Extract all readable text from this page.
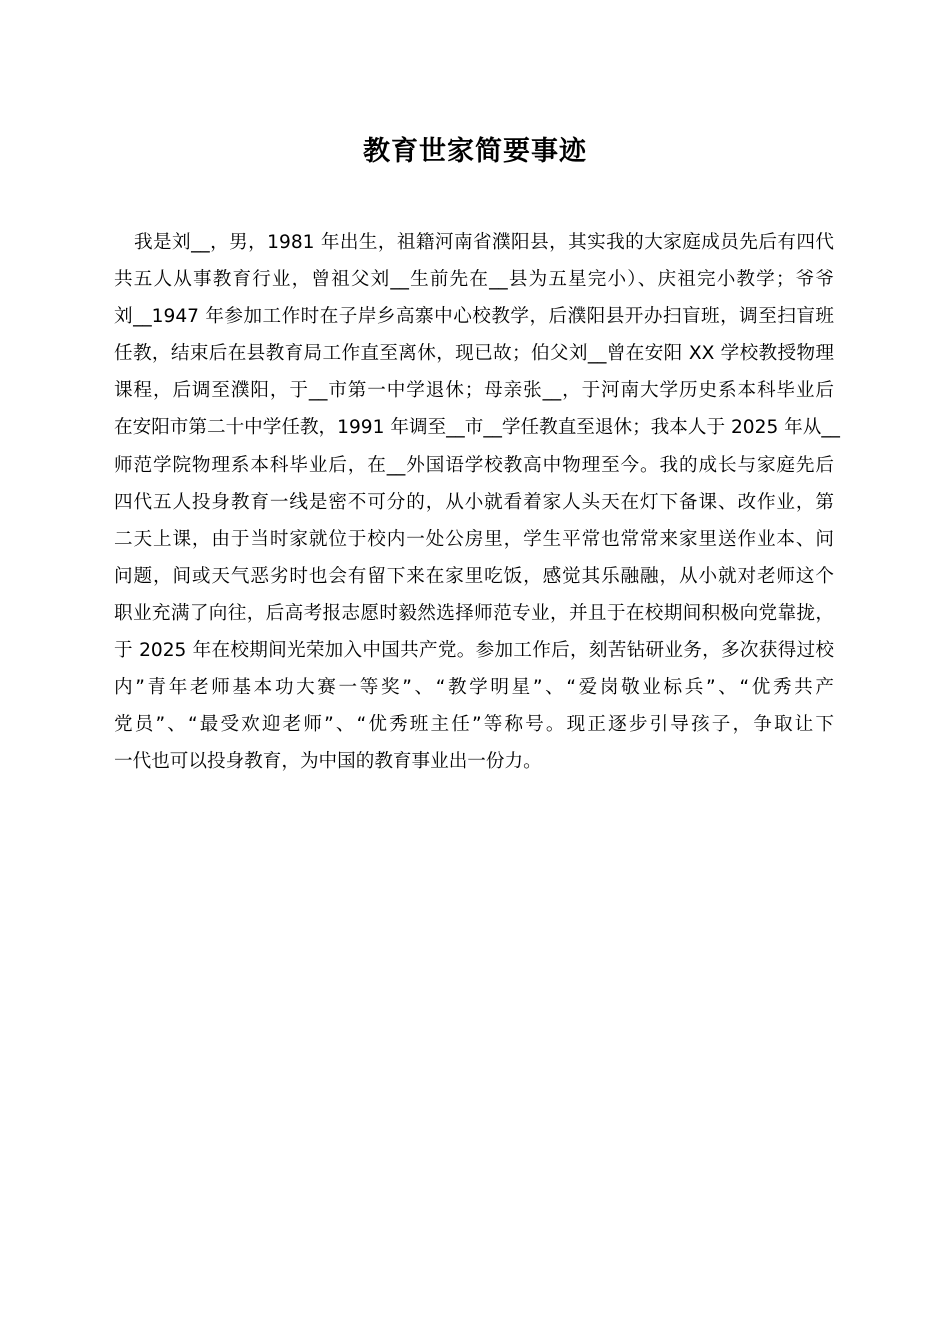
教育世家简要事迹
我是刘__，男，1981 年出生，祖籍河南省濮阳县，其实我的大家庭成员先后有四代
共五人从事教育行业，曾祖父刘__生前先在__县为五星完小）、庆祖完小教学；爷爷
刘__1947 年参加工作时在子岸乡高寨中心校教学，后濮阳县开办扫盲班，调至扫盲班
任教，结束后在县教育局工作直至离休，现已故；伯父刘__曾在安阳 XX 学校教授物理
课程，后调至濮阳，于__市第一中学退休；母亲张__，于河南大学历史系本科毕业后
在安阳市第二十中学任教，1991 年调至__市__学任教直至退休；我本人于 2025 年从__
师范学院物理系本科毕业后，在__外国语学校教高中物理至今。我的成长与家庭先后
四代五人投身教育一线是密不可分的，从小就看着家人头天在灯下备课、改作业，第
二天上课，由于当时家就位于校内一处公房里，学生平常也常常来家里送作业本、问
问题，间或天气恶劣时也会有留下来在家里吃饭，感觉其乐融融，从小就对老师这个
职业充满了向往，后高考报志愿时毅然选择师范专业，并且于在校期间积极向党靠拢，
于 2025 年在校期间光荣加入中国共产党。参加工作后，刻苦钻研业务，多次获得过校
内”青年老师基本功大赛一等奖”、“教学明星”、“爱岗敬业标兵”、“优秀共产
党员”、“最受欢迎老师”、“优秀班主任”等称号。现正逐步引导孩子，争取让下
一代也可以投身教育，为中国的教育事业出一份力。
